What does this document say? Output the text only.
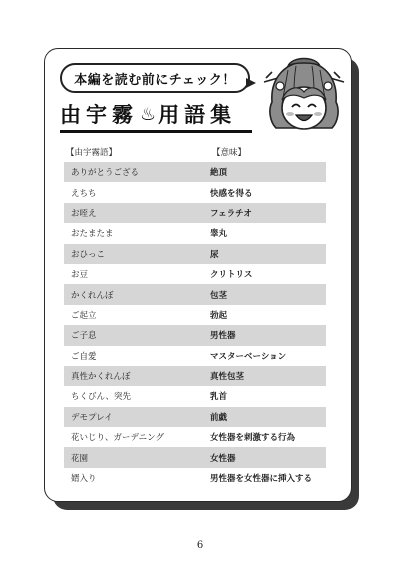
本編を読む前にチェック！
由宇霧 ♨ 用語集
【由宇霧語】	【意味】
ありがとうござる	絶頂
えちち	快感を得る
お咥え	フェラチオ
おたまたま	睾丸
おひっこ	尿
お豆	クリトリス
かくれんぼ	包茎
ご起立	勃起
ご子息	男性器
ご自愛	マスターベーション
真性かくれんぼ	真性包茎
ちくびん、突先	乳首
デモプレイ	前戯
花いじり、ガーデニング	女性器を刺激する行為
花園	女性器
婿入り	男性器を女性器に挿入する
6
